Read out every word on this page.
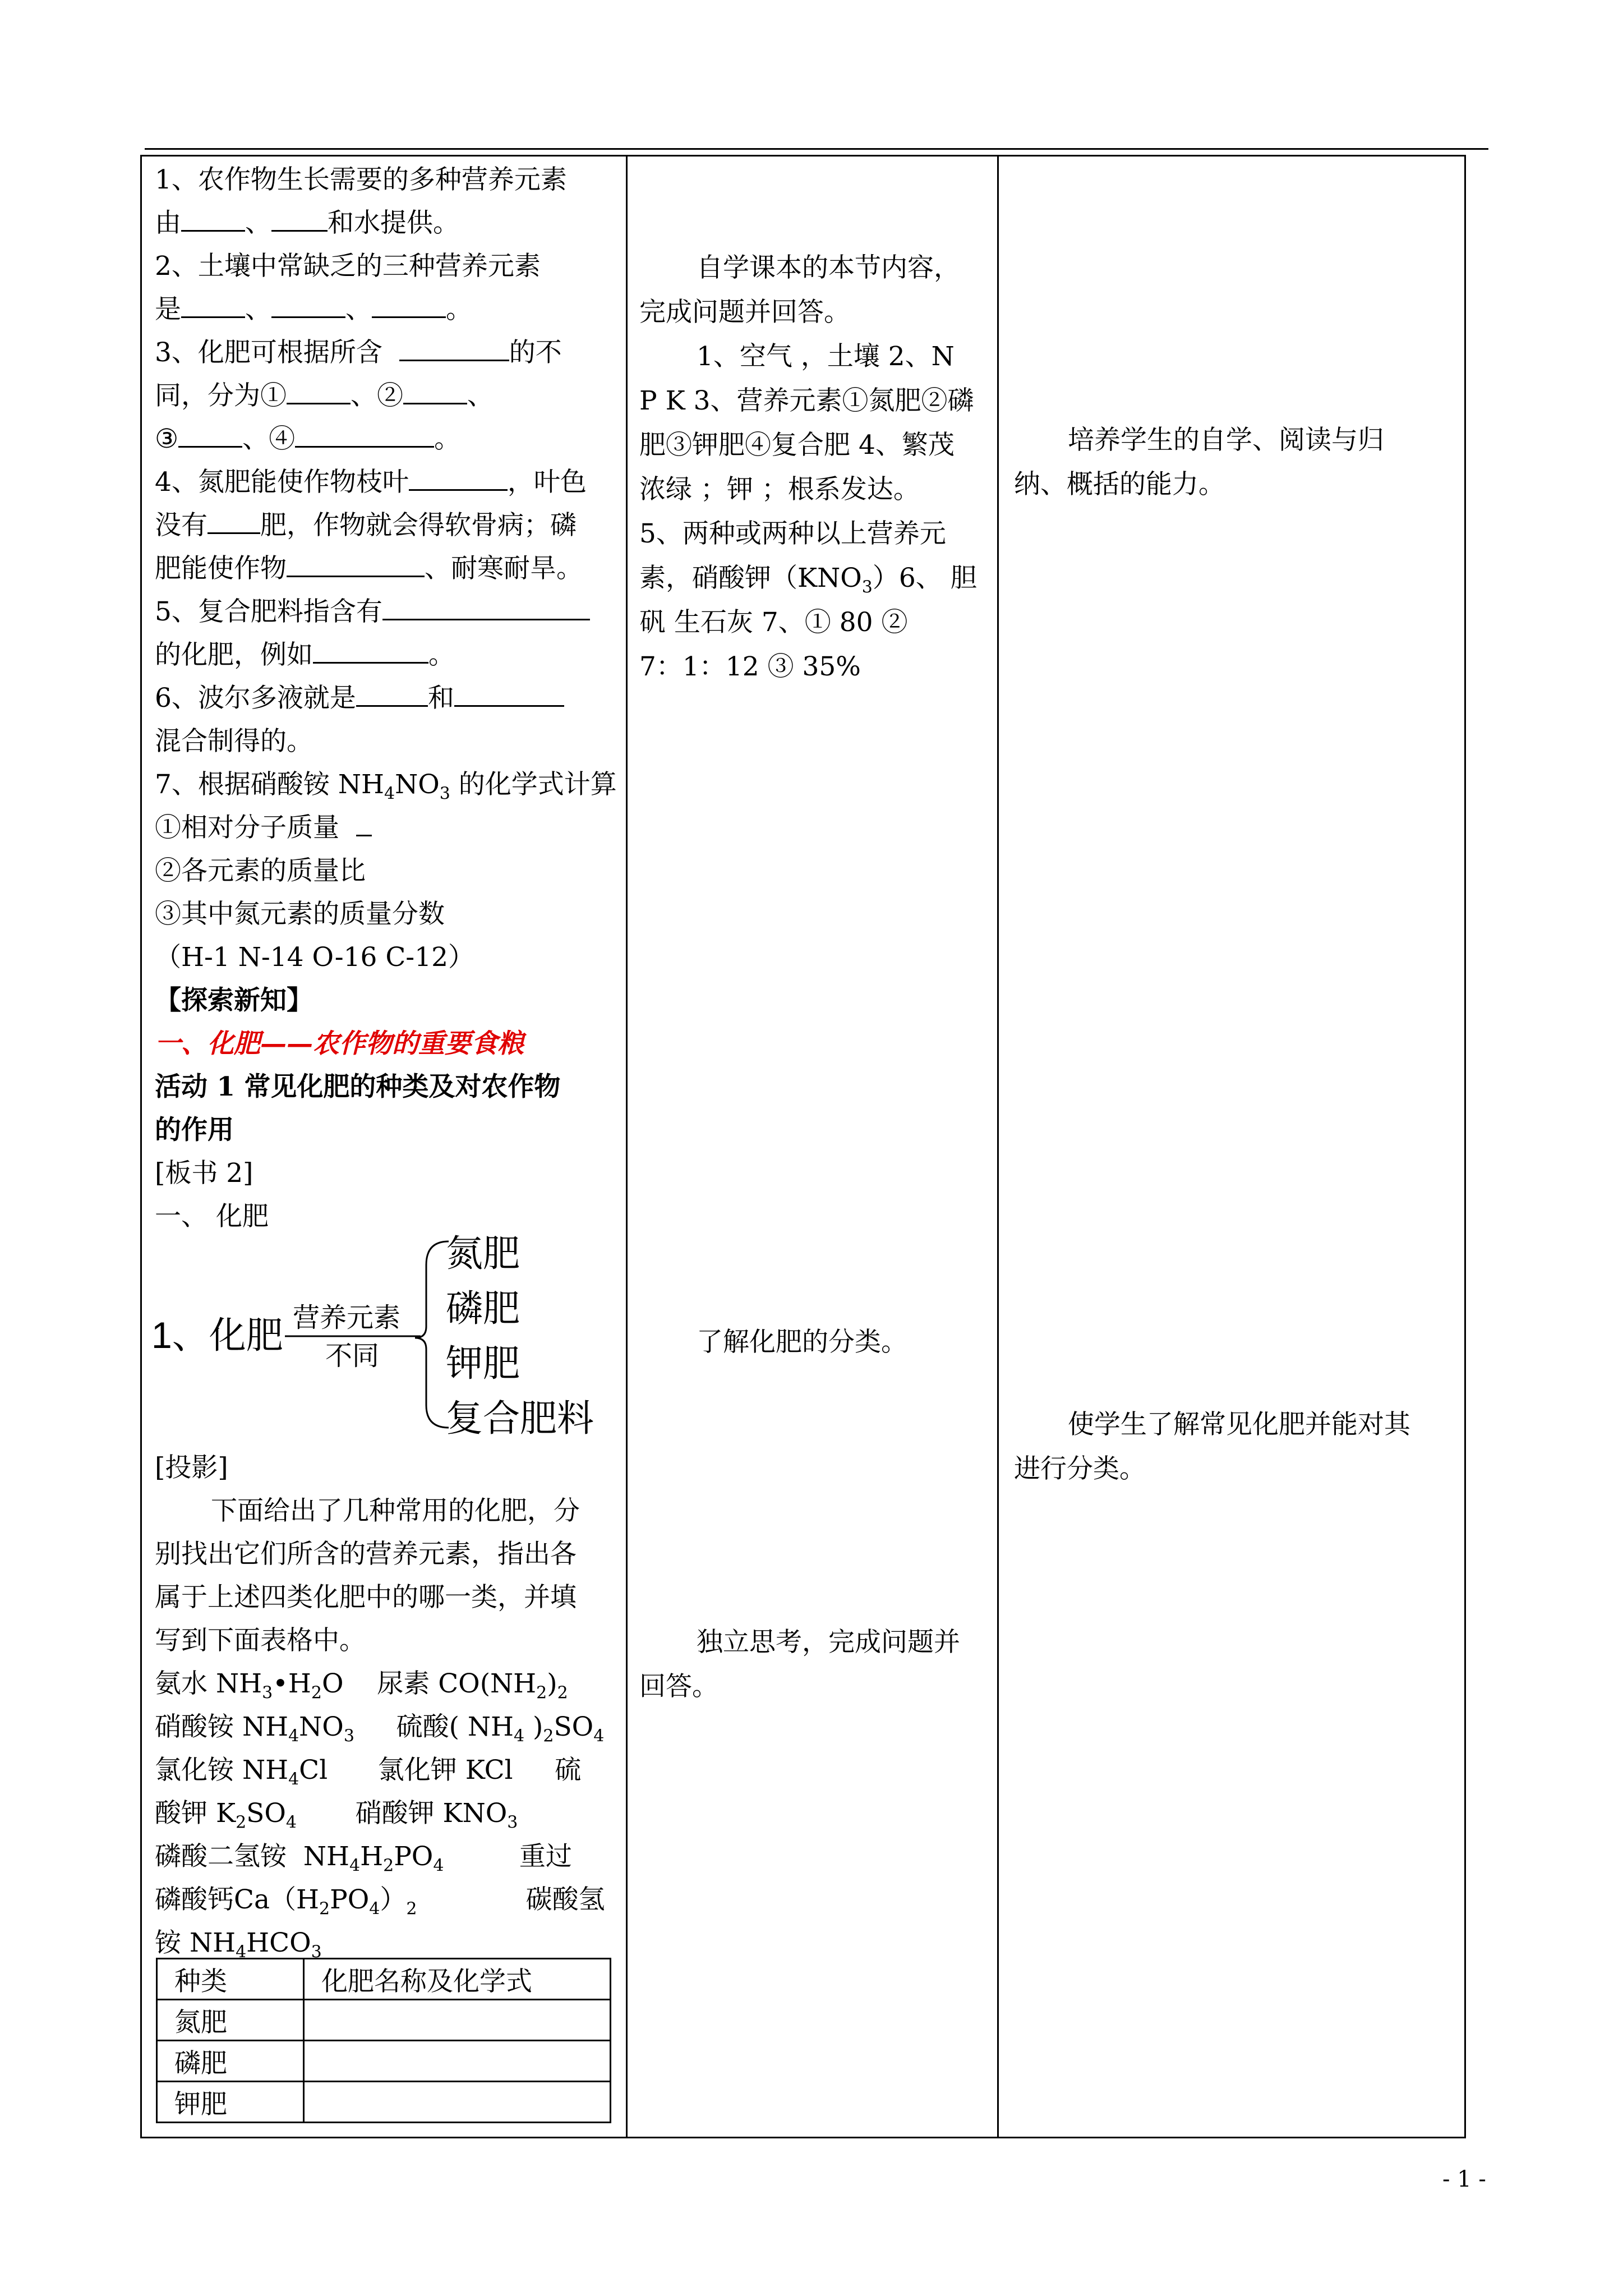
1、农作物生长需要的多种营养元素
由 、 和水提供。
2、土壤中常缺乏的三种营养元素
是 、	、	。
3、化肥可根据所含	的不
同，分为① 、② 、
③ 、④	。
4、氮肥能使作物枝叶	，叶色
没有 肥，作物就会得软骨病；磷
肥能使作物	、耐寒耐旱。
5、复合肥料指含有
的化肥，例如	。
6、波尔多液就是	和
混合制得的。
7、根据硝酸铵 $NH_4NO_3$ 的化学式计算
①相对分子质量
②各元素的质量比
③其中氮元素的质量分数
（H-1 N-14 O-16 C-12）
【探索新知】
一、化肥——农作物的重要食粮
活动 1 常见化肥的种类及对农作物
的作用
[板书 2]
一、 化肥
1、化肥 营养元素
不同
氮肥
磷肥
钾肥
复合肥料
[投影]
下面给出了几种常用的化肥，分
别找出它们所含的营养元素，指出各
属于上述四类化肥中的哪一类，并填
写到下面表格中。
氨水 $NH_3•H_2O$    尿素 $CO(NH_2)_2$
硝酸铵 $NH_4NO_3$     硫酸( $NH_4$ )$_2SO_4$
氯化铵 $NH_4Cl$      氯化钾 KCl     硫
酸钾 $K_2SO_4$       硝酸钾 $KNO_3$
磷酸二氢铵  $NH_4H_2PO_4$         重过
磷酸钙$Ca(H_2PO_4)_2$             碳酸氢
铵 $NH_4HCO_3$
种类	化肥名称及化学式
氮肥	
磷肥	
钾肥	
自学课本的本节内容，
完成问题并回答。
1、空气 ，土壤 2、N
P K 3、营养元素①氮肥②磷
肥③钾肥④复合肥 4、繁茂
浓绿 ；钾 ；根系发达。
5、两种或两种以上营养元
素，硝酸钾$(KNO_3)6$、 胆
矾 生石灰 7、① 80 ②
7：1：12 ③ 35%
了解化肥的分类。
独立思考，完成问题并
回答。
培养学生的自学、阅读与归
纳、概括的能力。
使学生了解常见化肥并能对其
进行分类。
- 1 -
